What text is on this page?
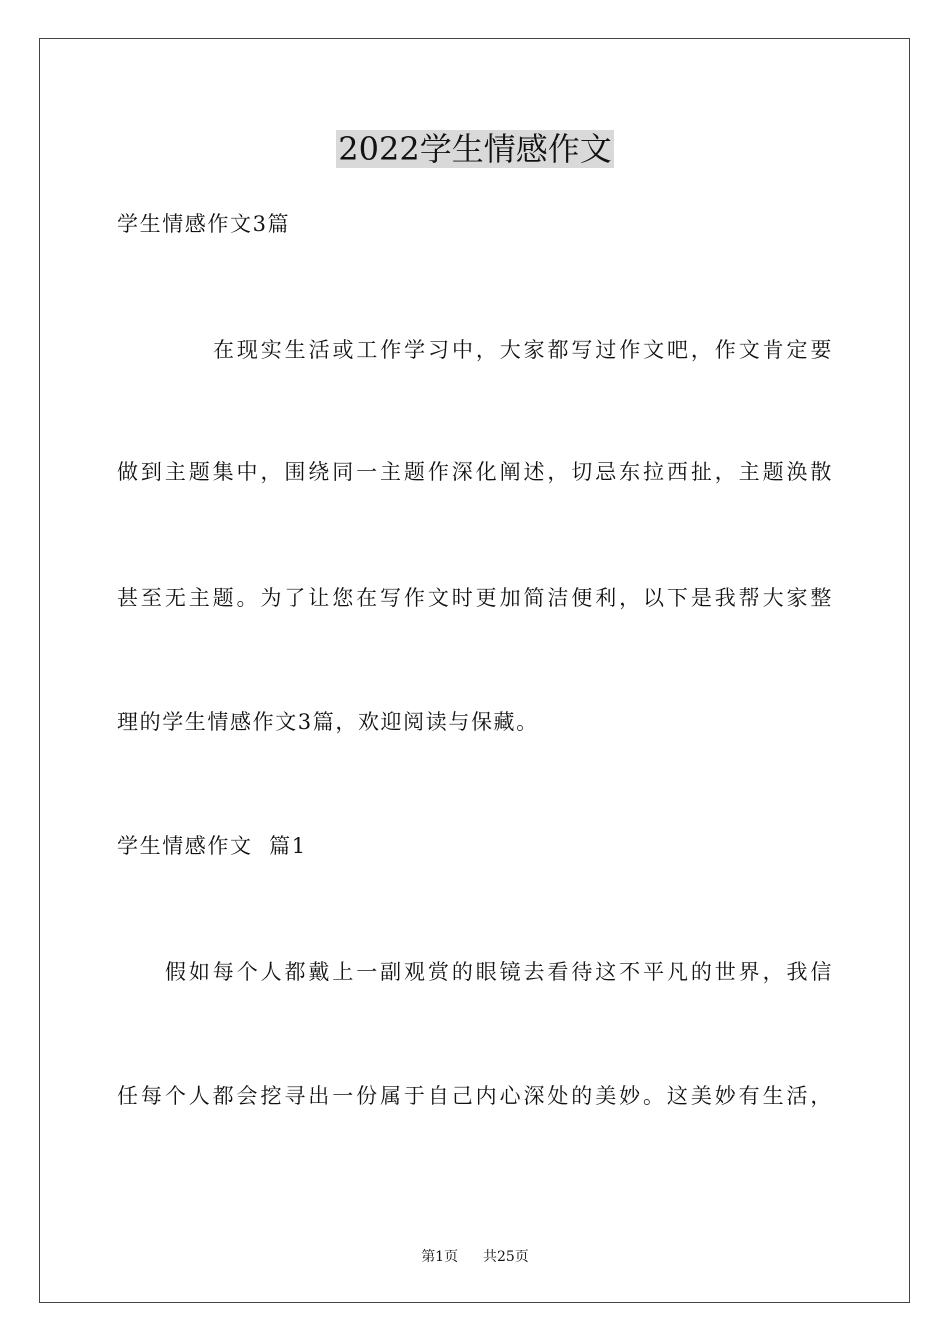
2022学生情感作文
学生情感作文3篇
在现实生活或工作学习中，大家都写过作文吧，作文肯定要
做到主题集中，围绕同一主题作深化阐述，切忌东拉西扯，主题涣散
甚至无主题。为了让您在写作文时更加简洁便利，以下是我帮大家整
理的学生情感作文3篇，欢迎阅读与保藏。
学生情感作文  篇1
假如每个人都戴上一副观赏的眼镜去看待这不平凡的世界，我信
任每个人都会挖寻出一份属于自己内心深处的美妙。这美妙有生活，
第1页  共25页
